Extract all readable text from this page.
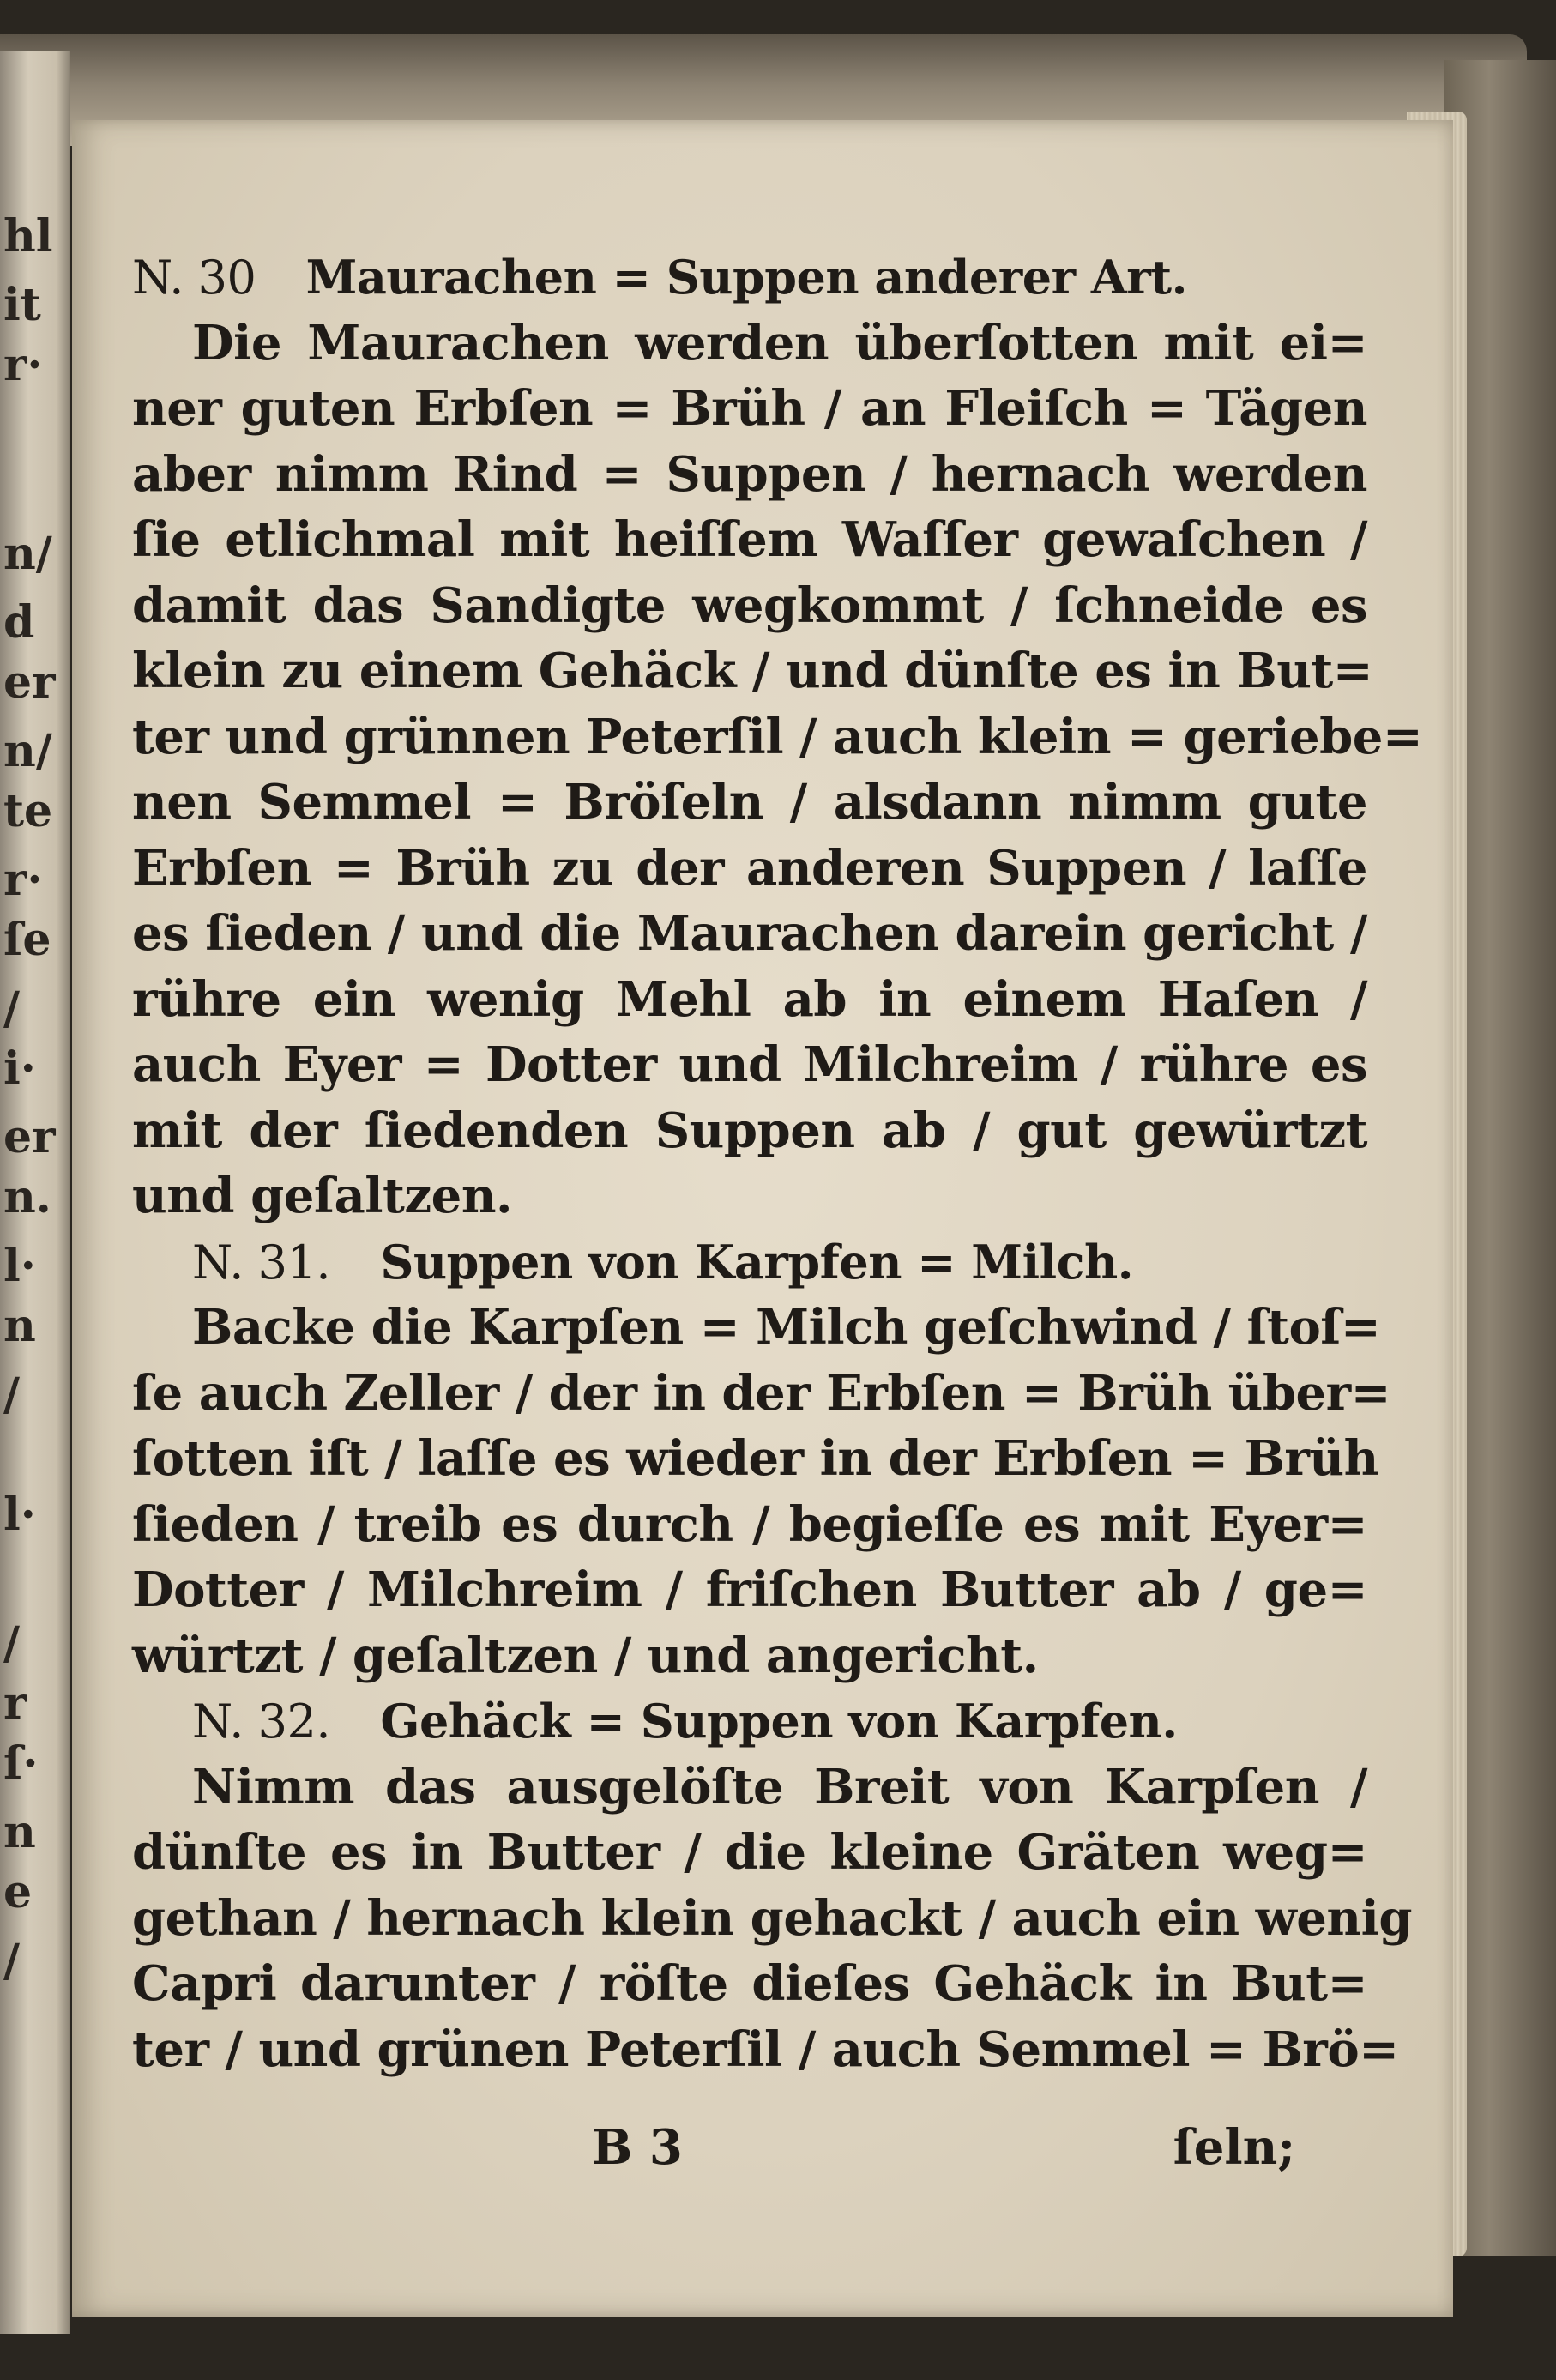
hl
it
r·
n/
d
er
n/
te
r·
ſe
/
i·
er
n.
l·
n
/
l·
/
r
ſ·
n
e
/
N. 30 Maurachen = Suppen anderer Art.
Die Maurachen werden überſotten mit ei=
ner guten Erbſen = Brüh / an Fleiſch = Tägen
aber nimm Rind = Suppen / hernach werden
ſie etlichmal mit heiſſem Waſſer gewaſchen /
damit das Sandigte wegkommt / ſchneide es
klein zu einem Gehäck / und dünſte es in But=
ter und grünnen Peterſil / auch klein = geriebe=
nen Semmel = Bröſeln / alsdann nimm gute
Erbſen = Brüh zu der anderen Suppen / laſſe
es ſieden / und die Maurachen darein gericht /
rühre ein wenig Mehl ab in einem Haſen /
auch Eyer = Dotter und Milchreim / rühre es
mit der ſiedenden Suppen ab / gut gewürtzt
und geſaltzen.
N. 31. Suppen von Karpfen = Milch.
Backe die Karpſen = Milch geſchwind / ſtoſ=
ſe auch Zeller / der in der Erbſen = Brüh über=
ſotten iſt / laſſe es wieder in der Erbſen = Brüh
ſieden / treib es durch / begieſſe es mit Eyer=
Dotter / Milchreim / friſchen Butter ab / ge=
würtzt / geſaltzen / und angericht.
N. 32. Gehäck = Suppen von Karpfen.
Nimm das ausgelöſte Breit von Karpſen /
dünſte es in Butter / die kleine Gräten weg=
gethan / hernach klein gehackt / auch ein wenig
Capri darunter / röſte dieſes Gehäck in But=
ter / und grünen Peterſil / auch Semmel = Brö=
B 3	ſeln;
